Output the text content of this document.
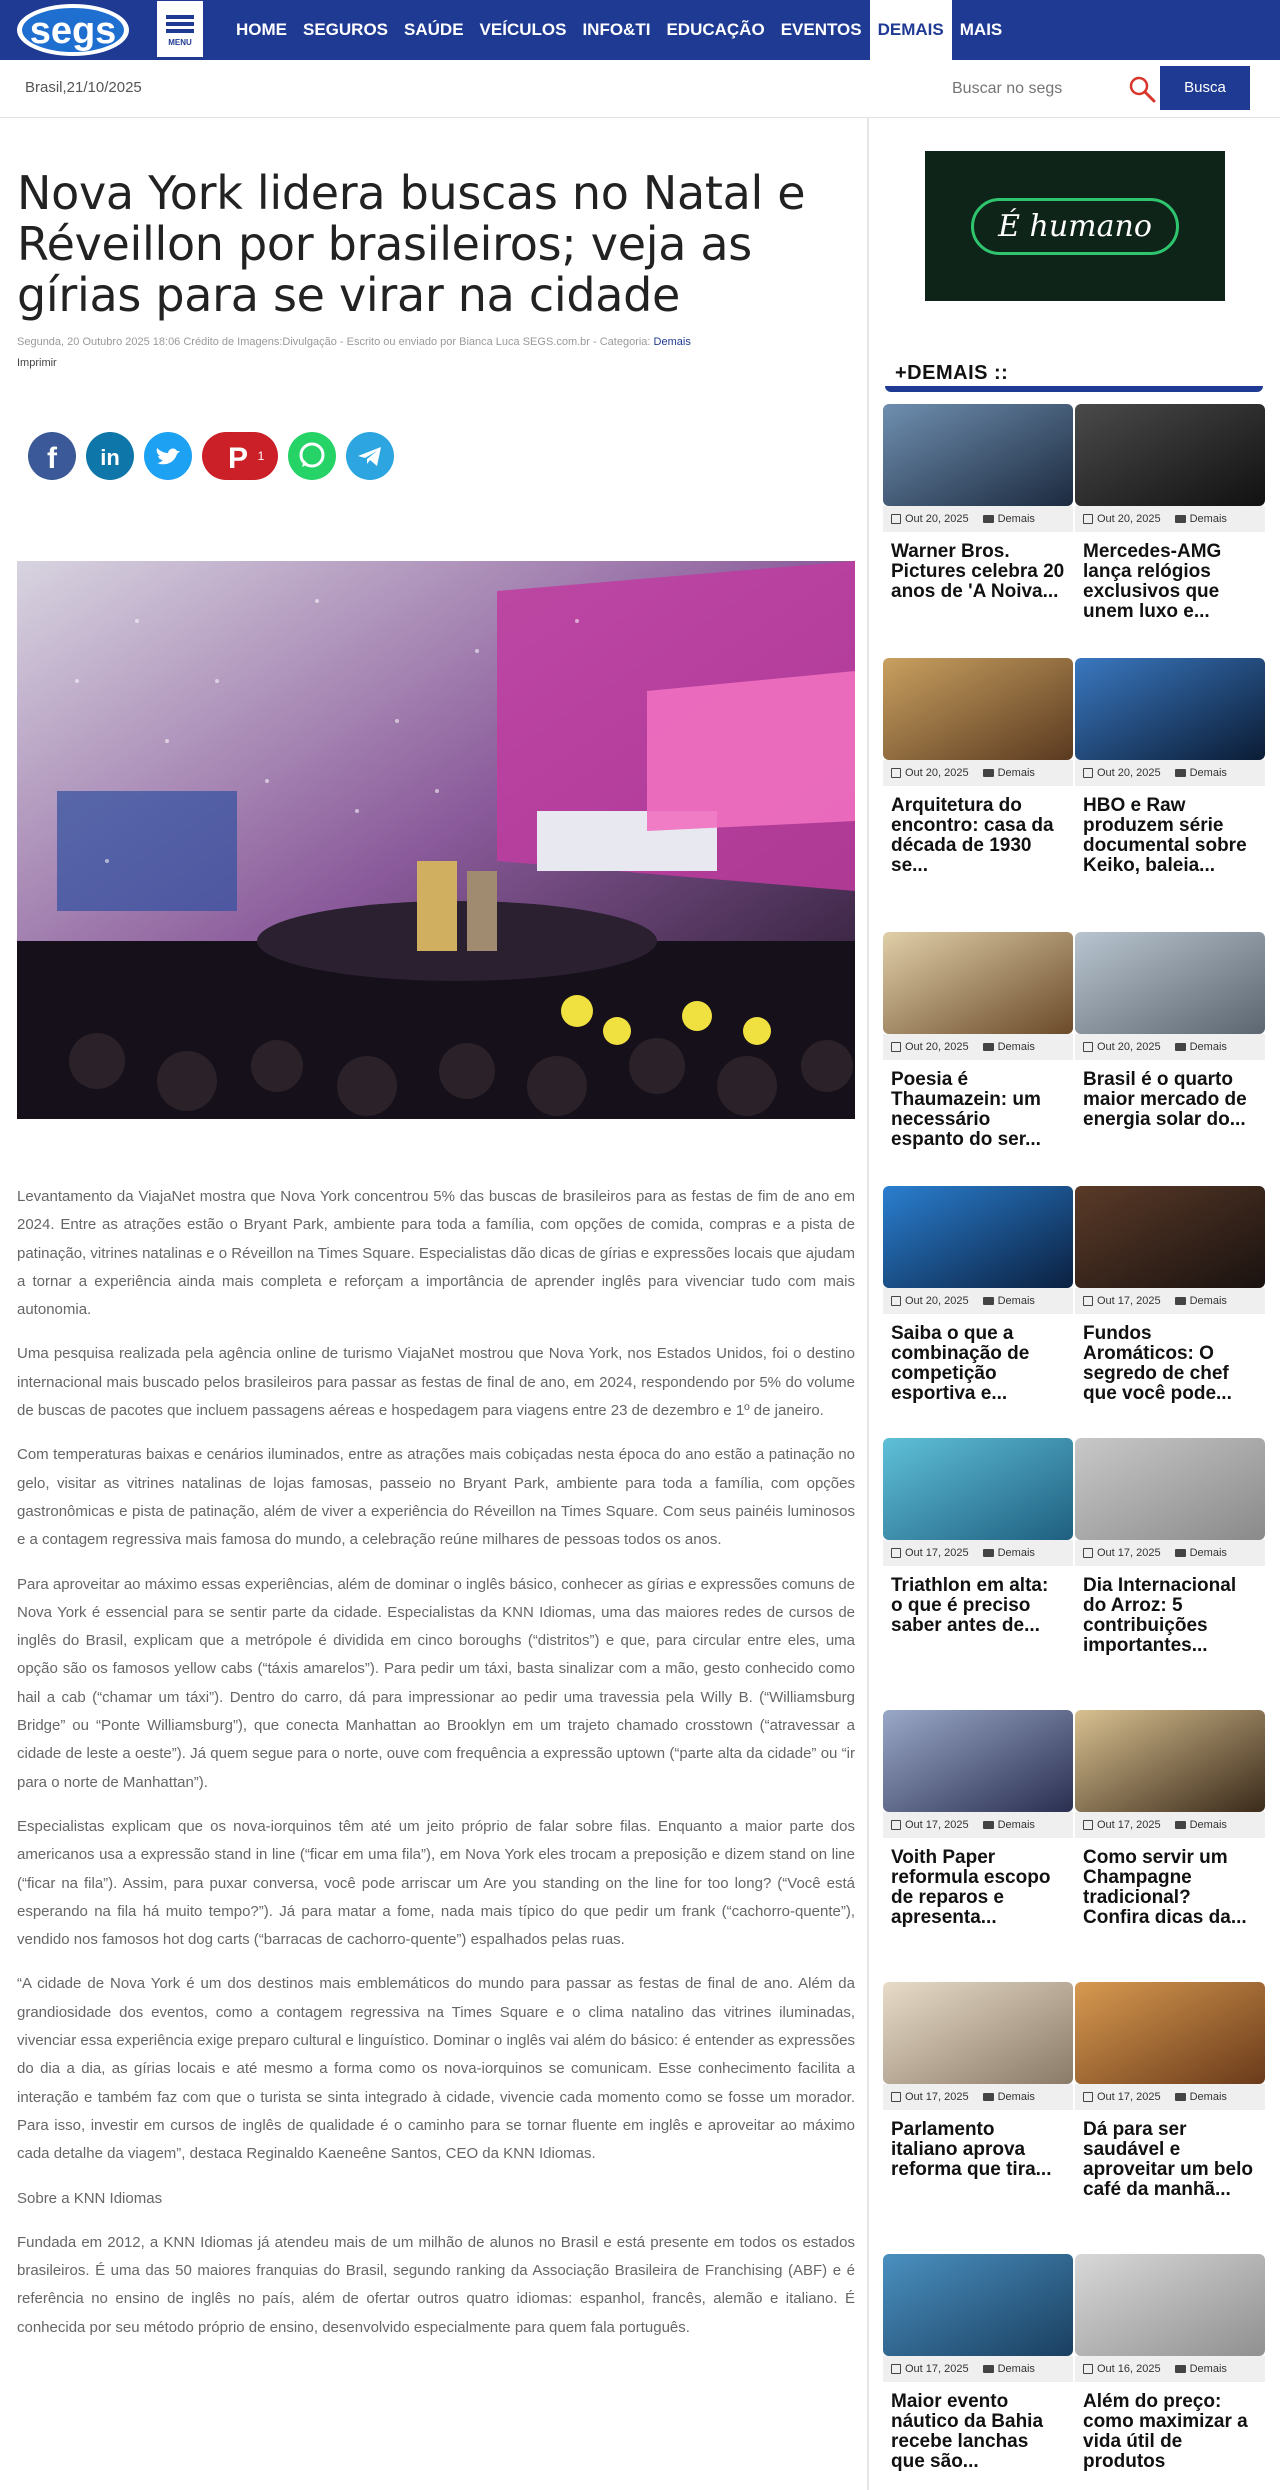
segs	MENU
HOME SEGUROS SAÚDE VEÍCULOS INFO&TI EDUCAÇÃO EVENTOS DEMAIS MAIS
Brasil,21/10/2025
Buscar no segs	Busca
Nova York lidera buscas no Natal e Réveillon por brasileiros; veja as gírias para se virar na cidade
Segunda, 20 Outubro 2025 18:06 Crédito de Imagens:Divulgação - Escrito ou enviado por Bianca Luca SEGS.com.br - Categoria: Demais
Imprimir
f in	P 1

Levantamento da ViajaNet mostra que Nova York concentrou 5% das buscas de brasileiros para as festas de fim de ano em 2024. Entre as atrações estão o Bryant Park, ambiente para toda a família, com opções de comida, compras e a pista de patinação, vitrines natalinas e o Réveillon na Times Square. Especialistas dão dicas de gírias e expressões locais que ajudam a tornar a experiência ainda mais completa e reforçam a importância de aprender inglês para vivenciar tudo com mais autonomia.

Uma pesquisa realizada pela agência online de turismo ViajaNet mostrou que Nova York, nos Estados Unidos, foi o destino internacional mais buscado pelos brasileiros para passar as festas de final de ano, em 2024, respondendo por 5% do volume de buscas de pacotes que incluem passagens aéreas e hospedagem para viagens entre 23 de dezembro e 1º de janeiro.

Com temperaturas baixas e cenários iluminados, entre as atrações mais cobiçadas nesta época do ano estão a patinação no gelo, visitar as vitrines natalinas de lojas famosas, passeio no Bryant Park, ambiente para toda a família, com opções gastronômicas e pista de patinação, além de viver a experiência do Réveillon na Times Square. Com seus painéis luminosos e a contagem regressiva mais famosa do mundo, a celebração reúne milhares de pessoas todos os anos.

Para aproveitar ao máximo essas experiências, além de dominar o inglês básico, conhecer as gírias e expressões comuns de Nova York é essencial para se sentir parte da cidade. Especialistas da KNN Idiomas, uma das maiores redes de cursos de inglês do Brasil, explicam que a metrópole é dividida em cinco boroughs (“distritos”) e que, para circular entre eles, uma opção são os famosos yellow cabs (“táxis amarelos”). Para pedir um táxi, basta sinalizar com a mão, gesto conhecido como hail a cab (“chamar um táxi”). Dentro do carro, dá para impressionar ao pedir uma travessia pela Willy B. (“Williamsburg Bridge” ou “Ponte Williamsburg”), que conecta Manhattan ao Brooklyn em um trajeto chamado crosstown (“atravessar a cidade de leste a oeste”). Já quem segue para o norte, ouve com frequência a expressão uptown (“parte alta da cidade” ou “ir para o norte de Manhattan”).

Especialistas explicam que os nova-iorquinos têm até um jeito próprio de falar sobre filas. Enquanto a maior parte dos americanos usa a expressão stand in line (“ficar em uma fila”), em Nova York eles trocam a preposição e dizem stand on line (“ficar na fila”). Assim, para puxar conversa, você pode arriscar um Are you standing on the line for too long? (“Você está esperando na fila há muito tempo?”). Já para matar a fome, nada mais típico do que pedir um frank (“cachorro-quente”), vendido nos famosos hot dog carts (“barracas de cachorro-quente”) espalhados pelas ruas.

“A cidade de Nova York é um dos destinos mais emblemáticos do mundo para passar as festas de final de ano. Além da grandiosidade dos eventos, como a contagem regressiva na Times Square e o clima natalino das vitrines iluminadas, vivenciar essa experiência exige preparo cultural e linguístico. Dominar o inglês vai além do básico: é entender as expressões do dia a dia, as gírias locais e até mesmo a forma como os nova-iorquinos se comunicam. Esse conhecimento facilita a interação e também faz com que o turista se sinta integrado à cidade, vivencie cada momento como se fosse um morador. Para isso, investir em cursos de inglês de qualidade é o caminho para se tornar fluente em inglês e aproveitar ao máximo cada detalhe da viagem”, destaca Reginaldo Kaeneêne Santos, CEO da KNN Idiomas.

Sobre a KNN Idiomas

Fundada em 2012, a KNN Idiomas já atendeu mais de um milhão de alunos no Brasil e está presente em todos os estados brasileiros. É uma das 50 maiores franquias do Brasil, segundo ranking da Associação Brasileira de Franchising (ABF) e é referência no ensino de inglês no país, além de ofertar outros quatro idiomas: espanhol, francês, alemão e italiano. É conhecida por seu método próprio de ensino, desenvolvido especialmente para quem fala português.

É humano
+DEMAIS ::
Out 20, 2025	Demais
Warner Bros. Pictures celebra 20 anos de 'A Noiva...
Out 20, 2025	Demais
Mercedes-AMG lança relógios exclusivos que unem luxo e...
Out 20, 2025	Demais
Arquitetura do encontro: casa da década de 1930 se...
Out 20, 2025	Demais
HBO e Raw produzem série documental sobre Keiko, baleia...
Out 20, 2025	Demais
Poesia é Thaumazein: um necessário espanto do ser...
Out 20, 2025	Demais
Brasil é o quarto maior mercado de energia solar do...
Out 20, 2025	Demais
Saiba o que a combinação de competição esportiva e...
Out 17, 2025	Demais
Fundos Aromáticos: O segredo de chef que você pode...
Out 17, 2025	Demais
Triathlon em alta: o que é preciso saber antes de...
Out 17, 2025	Demais
Dia Internacional do Arroz: 5 contribuições importantes...
Out 17, 2025	Demais
Voith Paper reformula escopo de reparos e apresenta...
Out 17, 2025	Demais
Como servir um Champagne tradicional? Confira dicas da...
Out 17, 2025	Demais
Parlamento italiano aprova reforma que tira...
Out 17, 2025	Demais
Dá para ser saudável e aproveitar um belo café da manhã...
Out 17, 2025	Demais
Maior evento náutico da Bahia recebe lanchas que são...
Out 16, 2025	Demais
Além do preço: como maximizar a vida útil de produtos
